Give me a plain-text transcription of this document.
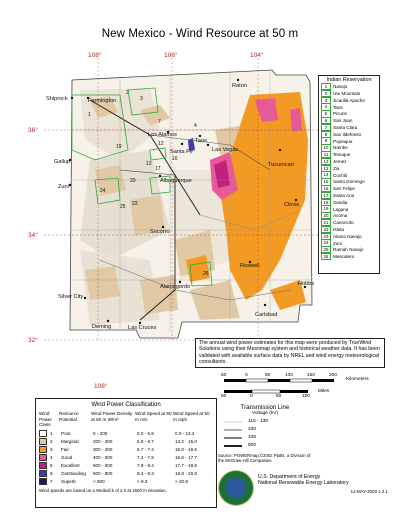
New Mexico - Wind Resource at 50 m
Raton
Shiprock	Farmington
Taos
Los Alamos
Santa Fe	Las Vegas
Gallup
Zuni
Albuquerque
Tucumcari
Socorro
Clovis
Roswell
Alamogordo	Hobbs
Silver City
Carlsbad
Deming	Las Cruces
1
2
3
4
7
19
24
13
17
20
23
26
25
12
16
108°	106°	104°
36°
34°
32°
108°
Indian Reservation
1	Navajo
2	Ute Mountain
3	Jicarilla Apache
4	Taos
5	Picuris
6	San Juan
7	Santa Clara
8	San Ildefonso
9	Pojoaque
10 Nambe
11	Tesuque
12 Jemez
13 Zia
14 Cochiti
15 Santo Domingo
16 San Felipe
17 Santa Ana
18 Sandia
19 Laguna
20 Acoma
21 Canoncito
22 Isleta
23 Alamo Navajo
24 Zuni
25 Ramah Navajo
26 Mescalero
The annual wind power estimates for this map were produced by TrueWind Solutions using their Mesomap system and historical weather data. It has been validated with available surface data by NREL and wind energy meteorological consultants.
50	0	50	100	150	200
Kilometers
50	0	50	100
Miles
Wind Power Classification
Wind Power Class
Resource Potential
Wind Power Density at 50 m W/m²
Wind Speed at 50 m m/s
Wind Speed at 50 m mph
1	Poor	0 - 200	0.0 - 5.9	0.0 - 13.2
2	Marginal	200 - 300	5.9 - 6.7	13.2 - 15.0
3	Fair	300 - 400	6.7 - 7.4	15.0 - 16.6
4	Good	400 - 500	7.4 - 7.9	16.6 - 17.7
5	Excellent	500 - 600	7.9 - 8.4	17.7 - 18.8
6	Outstanding	600 - 800	8.4 - 9.3	18.8 - 20.8
7	Superb	> 800	> 9.3	> 20.8
Wind speeds are based on a Weibull k of 2.0 at 1500 m elevation.
Transmission Line
Voltage (kV)
115 - 138
230
345
500
Source: POWERmap,©2002 Platts, a Division of the McGraw-Hill Companies
U.S. Department of Energy
National Renewable Energy Laboratory
12-MAY-2003 1.2.1
